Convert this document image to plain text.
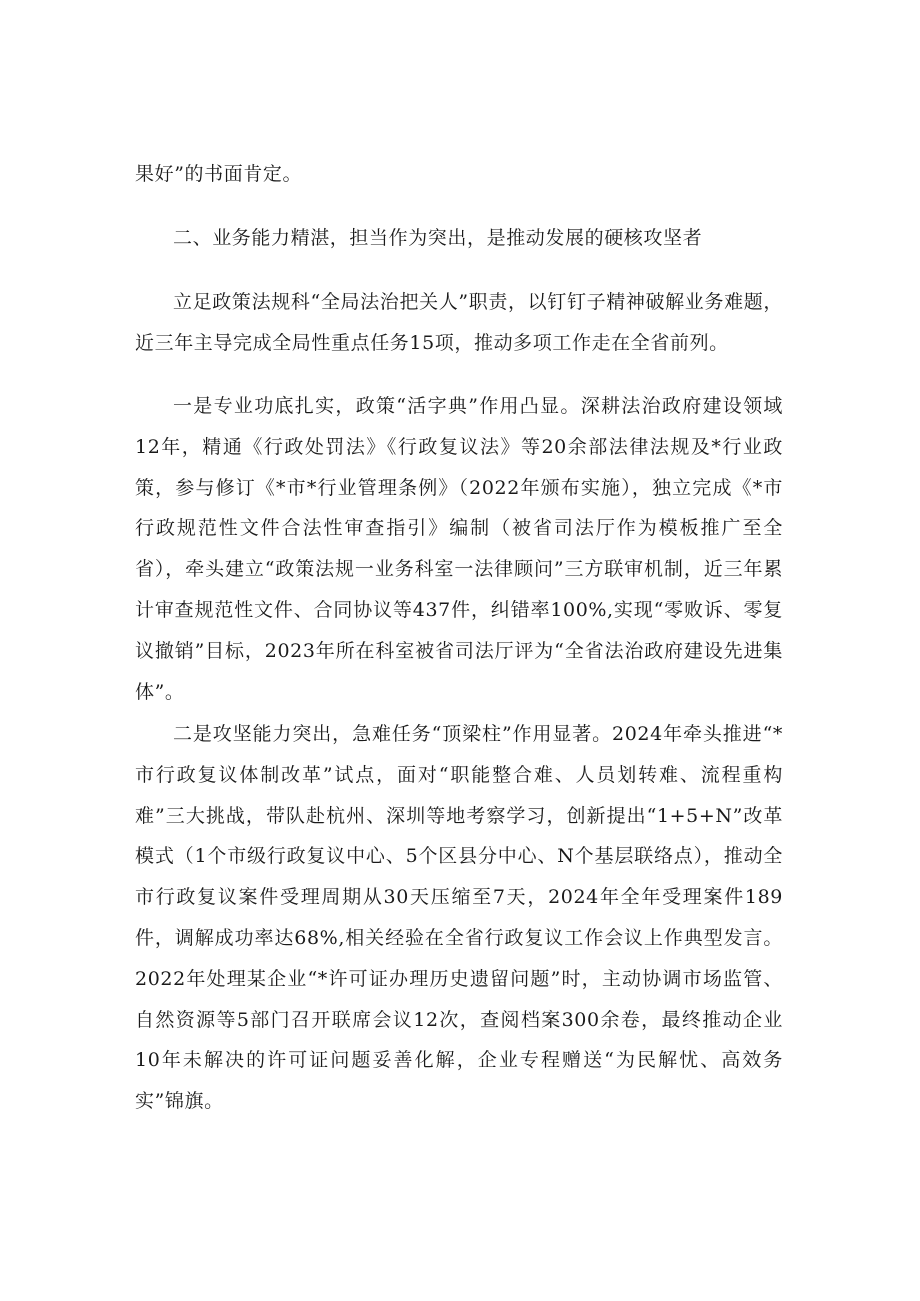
果好”的书面肯定。

二、业务能力精湛，担当作为突出，是推动发展的硬核攻坚者

立足政策法规科“全局法治把关人”职责，以钉钉子精神破解业务难题，近三年主导完成全局性重点任务15项，推动多项工作走在全省前列。

一是专业功底扎实，政策“活字典”作用凸显。深耕法治政府建设领域12年，精通《行政处罚法》《行政复议法》等20余部法律法规及*行业政策，参与修订《*市*行业管理条例》（2022年颁布实施），独立完成《*市行政规范性文件合法性审查指引》编制（被省司法厅作为模板推广至全省），牵头建立“政策法规一业务科室一法律顾问”三方联审机制，近三年累计审查规范性文件、合同协议等437件，纠错率100%,实现“零败诉、零复议撤销”目标，2023年所在科室被省司法厅评为“全省法治政府建设先进集体”。

二是攻坚能力突出，急难任务“顶梁柱”作用显著。2024年牵头推进“*市行政复议体制改革”试点，面对“职能整合难、人员划转难、流程重构难”三大挑战，带队赴杭州、深圳等地考察学习，创新提出“1+5+N”改革模式（1个市级行政复议中心、5个区县分中心、N个基层联络点），推动全市行政复议案件受理周期从30天压缩至7天，2024年全年受理案件189件，调解成功率达68%,相关经验在全省行政复议工作会议上作典型发言。2022年处理某企业“*许可证办理历史遗留问题”时，主动协调市场监管、自然资源等5部门召开联席会议12次，查阅档案300余卷，最终推动企业10年未解决的许可证问题妥善化解，企业专程赠送“为民解忧、高效务实”锦旗。
